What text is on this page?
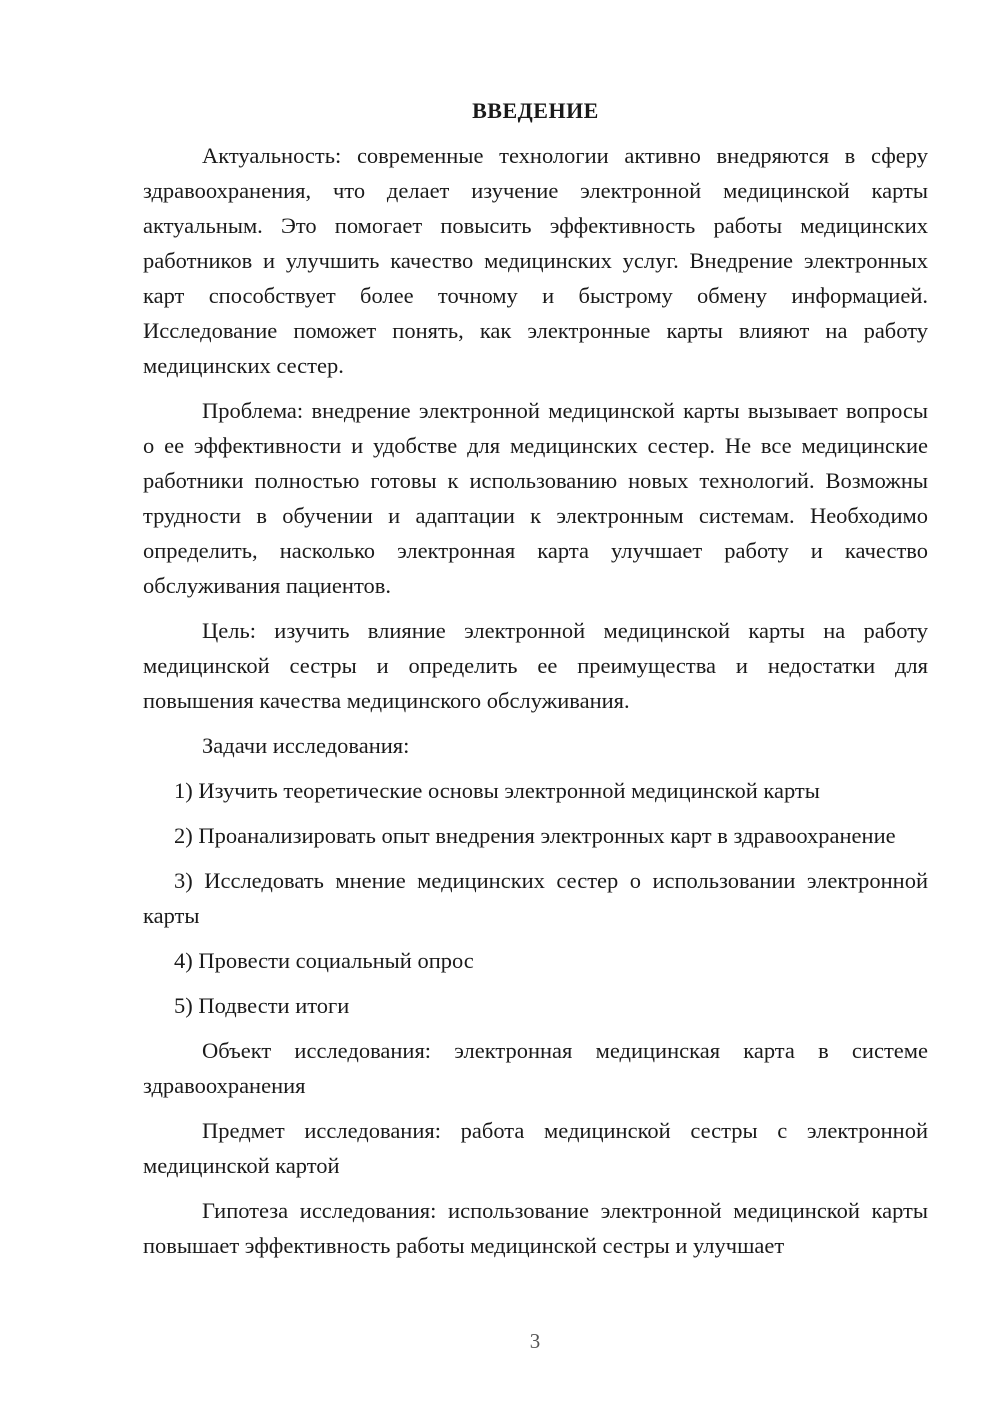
ВВЕДЕНИЕ

Актуальность: современные технологии активно внедряются в сферу здравоохранения, что делает изучение электронной медицинской карты актуальным. Это помогает повысить эффективность работы медицинских работников и улучшить качество медицинских услуг. Внедрение электронных карт способствует более точному и быстрому обмену информацией. Исследование поможет понять, как электронные карты влияют на работу медицинских сестер.

Проблема: внедрение электронной медицинской карты вызывает вопросы о ее эффективности и удобстве для медицинских сестер. Не все медицинские работники полностью готовы к использованию новых технологий. Возможны трудности в обучении и адаптации к электронным системам. Необходимо определить, насколько электронная карта улучшает работу и качество обслуживания пациентов.

Цель: изучить влияние электронной медицинской карты на работу медицинской сестры и определить ее преимущества и недостатки для повышения качества медицинского обслуживания.

Задачи исследования:

1) Изучить теоретические основы электронной медицинской карты

2) Проанализировать опыт внедрения электронных карт в здравоохранение

3) Исследовать мнение медицинских сестер о использовании электронной карты

4) Провести социальный опрос

5) Подвести итоги

Объект исследования: электронная медицинская карта в системе здравоохранения

Предмет исследования: работа медицинской сестры с электронной медицинской картой

Гипотеза исследования: использование электронной медицинской карты повышает эффективность работы медицинской сестры и улучшает

3
